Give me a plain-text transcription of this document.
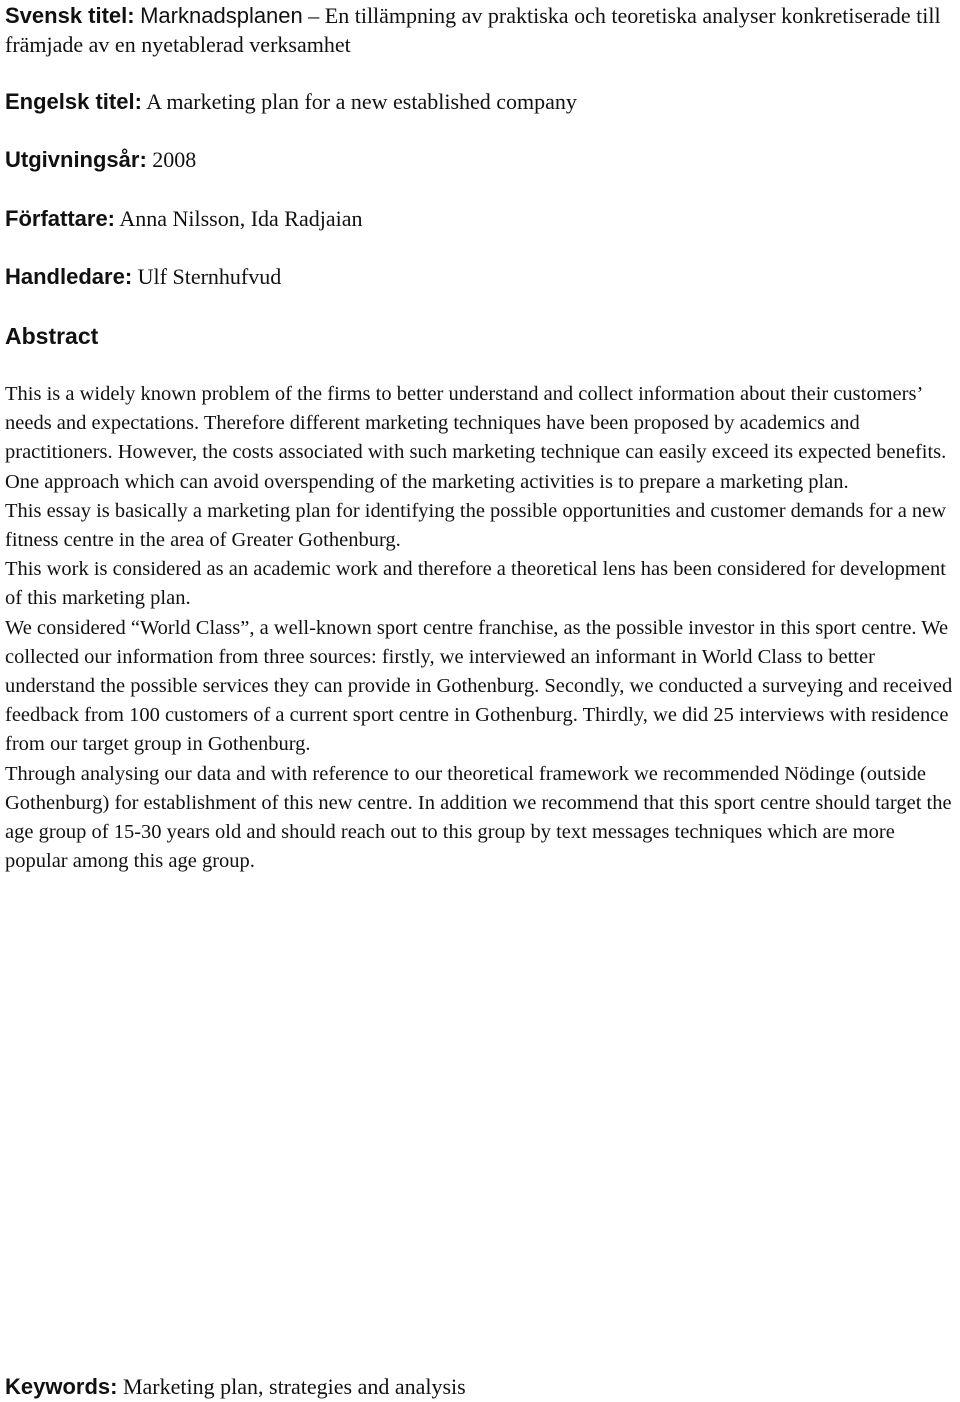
Svensk titel: Marknadsplanen – En tillämpning av praktiska och teoretiska analyser konkretiserade till främjade av en nyetablerad verksamhet
Engelsk titel: A marketing plan for a new established company
Utgivningsår: 2008
Författare: Anna Nilsson, Ida Radjaian
Handledare: Ulf Sternhufvud
Abstract

This is a widely known problem of the firms to better understand and collect information about their customers’ needs and expectations. Therefore different marketing techniques have been proposed by academics and practitioners. However, the costs associated with such marketing technique can easily exceed its expected benefits. One approach which can avoid overspending of the marketing activities is to prepare a marketing plan.

This essay is basically a marketing plan for identifying the possible opportunities and customer demands for a new fitness centre in the area of Greater Gothenburg.

This work is considered as an academic work and therefore a theoretical lens has been considered for development of this marketing plan.

We considered “World Class”, a well-known sport centre franchise, as the possible investor in this sport centre. We collected our information from three sources: firstly, we interviewed an informant in World Class to better understand the possible services they can provide in Gothenburg. Secondly, we conducted a surveying and received feedback from 100 customers of a current sport centre in Gothenburg. Thirdly, we did 25 interviews with residence from our target group in Gothenburg.

Through analysing our data and with reference to our theoretical framework we recommended Nödinge (outside Gothenburg) for establishment of this new centre. In addition we recommend that this sport centre should target the age group of 15-30 years old and should reach out to this group by text messages techniques which are more popular among this age group.

Keywords: Marketing plan, strategies and analysis
